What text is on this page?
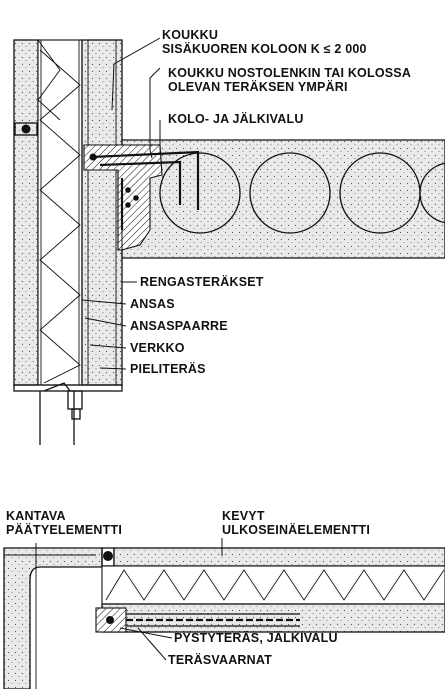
KOUKKU SISÄKUOREN KOLOON K ≤ 2 000
KOUKKU NOSTOLENKIN TAI KOLOSSA OLEVAN TERÄKSEN YMPÄRI
KOLO- JA JÄLKIVALU
RENGASTERÄKSET
ANSAS
ANSASPAARRE
VERKKO
PIELITERÄS
KANTAVA PÄÄTYELEMENTTI
KEVYT ULKOSEINÄELEMENTTI
PYSTYTERÄS, JÄLKIVALU
TERÄSVAARNAT
